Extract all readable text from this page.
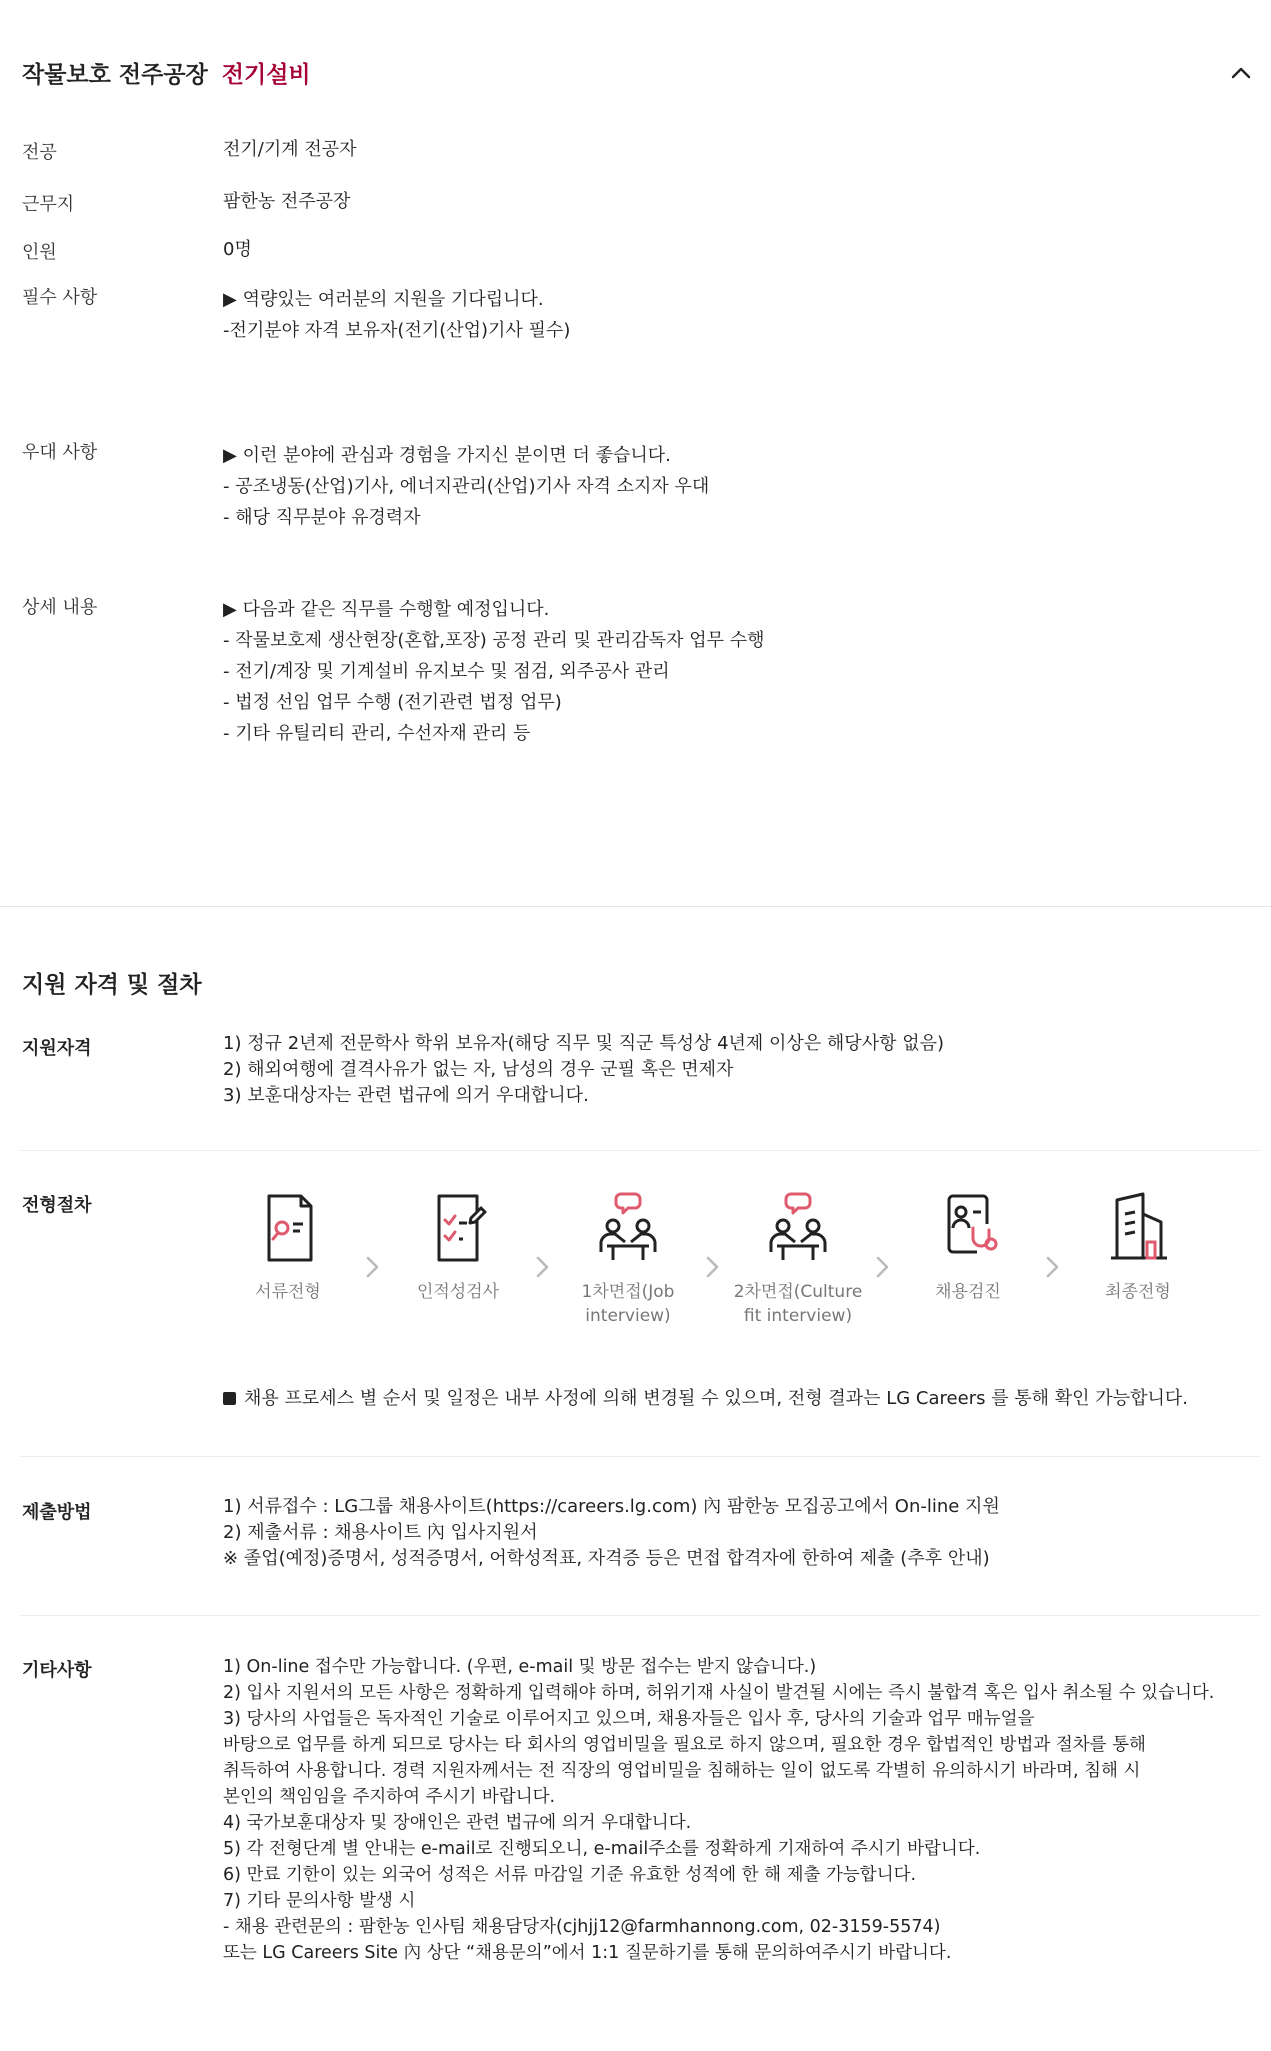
작물보호 전주공장 전기설비
전공	전기/기계 전공자
근무지	팜한농 전주공장
인원	0명
필수 사항	▶ 역량있는 여러분의 지원을 기다립니다.
-전기분야 자격 보유자(전기(산업)기사 필수)
우대 사항	▶ 이런 분야에 관심과 경험을 가지신 분이면 더 좋습니다.
- 공조냉동(산업)기사, 에너지관리(산업)기사 자격 소지자 우대
- 해당 직무분야 유경력자
상세 내용	▶ 다음과 같은 직무를 수행할 예정입니다.
- 작물보호제 생산현장(혼합,포장) 공정 관리 및 관리감독자 업무 수행
- 전기/계장 및 기계설비 유지보수 및 점검, 외주공사 관리
- 법정 선임 업무 수행 (전기관련 법정 업무)
- 기타 유틸리티 관리, 수선자재 관리 등
지원 자격 및 절차
지원자격	1) 정규 2년제 전문학사 학위 보유자(해당 직무 및 직군 특성상 4년제 이상은 해당사항 없음)
2) 해외여행에 결격사유가 없는 자, 남성의 경우 군필 혹은 면제자
3) 보훈대상자는 관련 법규에 의거 우대합니다.
전형절차
서류전형	인적성검사	1차면접(Job
interview)
2차면접(Culture
fit interview)
채용검진	최종전형
채용 프로세스 별 순서 및 일정은 내부 사정에 의해 변경될 수 있으며, 전형 결과는 LG Careers 를 통해 확인 가능합니다.
제출방법	1) 서류접수 : LG그룹 채용사이트(https://careers.lg.com) 內 팜한농 모집공고에서 On-line 지원
2) 제출서류 : 채용사이트 內 입사지원서
※ 졸업(예정)증명서, 성적증명서, 어학성적표, 자격증 등은 면접 합격자에 한하여 제출 (추후 안내)
기타사항	1) On-line 접수만 가능합니다. (우편, e-mail 및 방문 접수는 받지 않습니다.)
2) 입사 지원서의 모든 사항은 정확하게 입력해야 하며, 허위기재 사실이 발견될 시에는 즉시 불합격 혹은 입사 취소될 수 있습니다.
3) 당사의 사업들은 독자적인 기술로 이루어지고 있으며, 채용자들은 입사 후, 당사의 기술과 업무 매뉴얼을
바탕으로 업무를 하게 되므로 당사는 타 회사의 영업비밀을 필요로 하지 않으며, 필요한 경우 합법적인 방법과 절차를 통해
취득하여 사용합니다. 경력 지원자께서는 전 직장의 영업비밀을 침해하는 일이 없도록 각별히 유의하시기 바라며, 침해 시
본인의 책임임을 주지하여 주시기 바랍니다.
4) 국가보훈대상자 및 장애인은 관련 법규에 의거 우대합니다.
5) 각 전형단계 별 안내는 e-mail로 진행되오니, e-mail주소를 정확하게 기재하여 주시기 바랍니다.
6) 만료 기한이 있는 외국어 성적은 서류 마감일 기준 유효한 성적에 한 해 제출 가능합니다.
7) 기타 문의사항 발생 시
- 채용 관련문의 : 팜한농 인사팀 채용담당자(cjhjj12@farmhannong.com, 02-3159-5574)
또는 LG Careers Site 內 상단 “채용문의”에서 1:1 질문하기를 통해 문의하여주시기 바랍니다.
